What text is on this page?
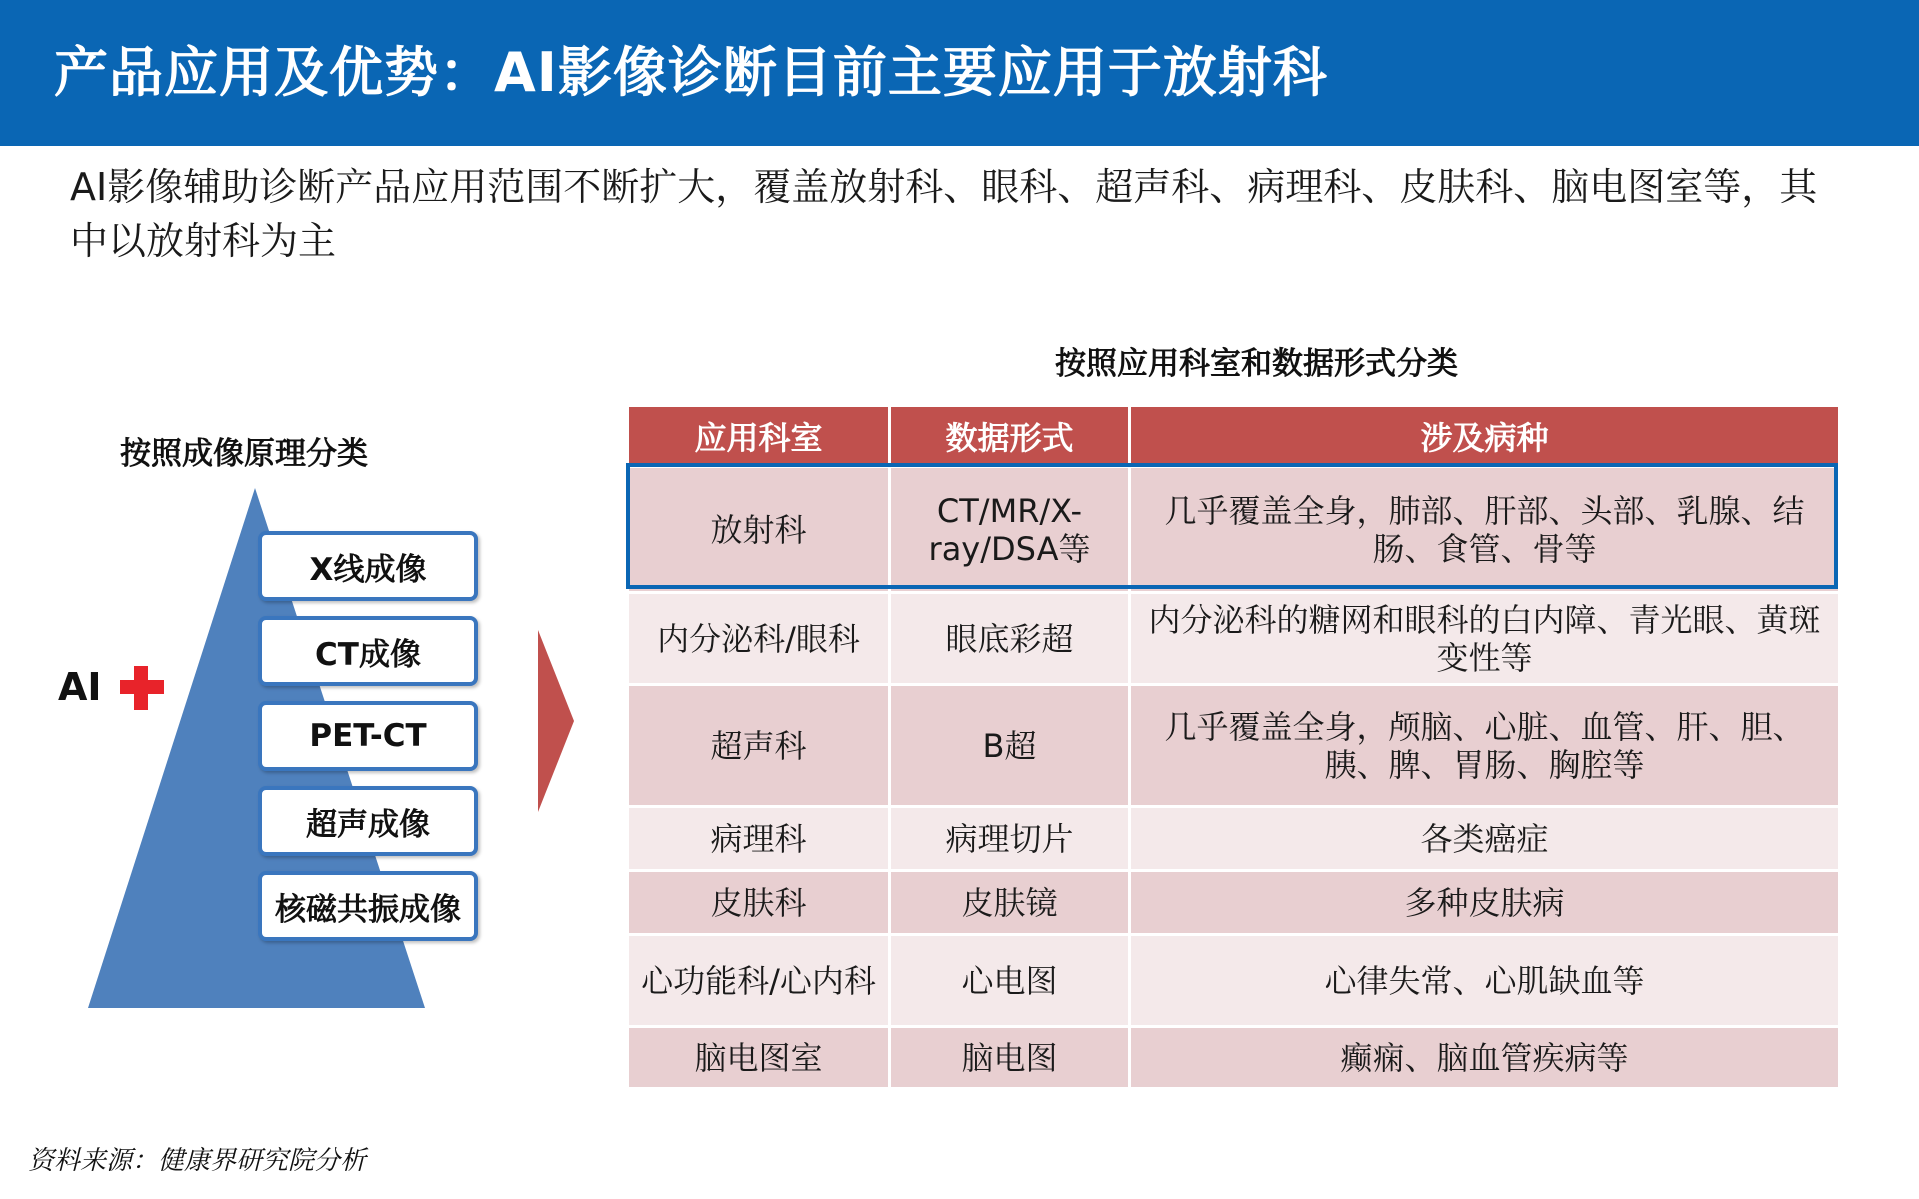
产品应用及优势：AI影像诊断目前主要应用于放射科
AI影像辅助诊断产品应用范围不断扩大，覆盖放射科、眼科、超声科、病理科、皮肤科、脑电图室等，其中以放射科为主
按照成像原理分类
AI
X线成像
CT成像
PET-CT
超声成像
核磁共振成像
按照应用科室和数据形式分类
应用科室	数据形式	涉及病种
放射科	CT/MR/X-ray/DSA等	几乎覆盖全身，肺部、肝部、头部、乳腺、结肠、食管、骨等
内分泌科/眼科	眼底彩超	内分泌科的糖网和眼科的白内障、青光眼、黄斑变性等
超声科	B超	几乎覆盖全身，颅脑、心脏、血管、肝、胆、胰、脾、胃肠、胸腔等
病理科	病理切片	各类癌症
皮肤科	皮肤镜	多种皮肤病
心功能科/心内科	心电图	心律失常、心肌缺血等
脑电图室	脑电图	癫痫、脑血管疾病等
资料来源：健康界研究院分析
